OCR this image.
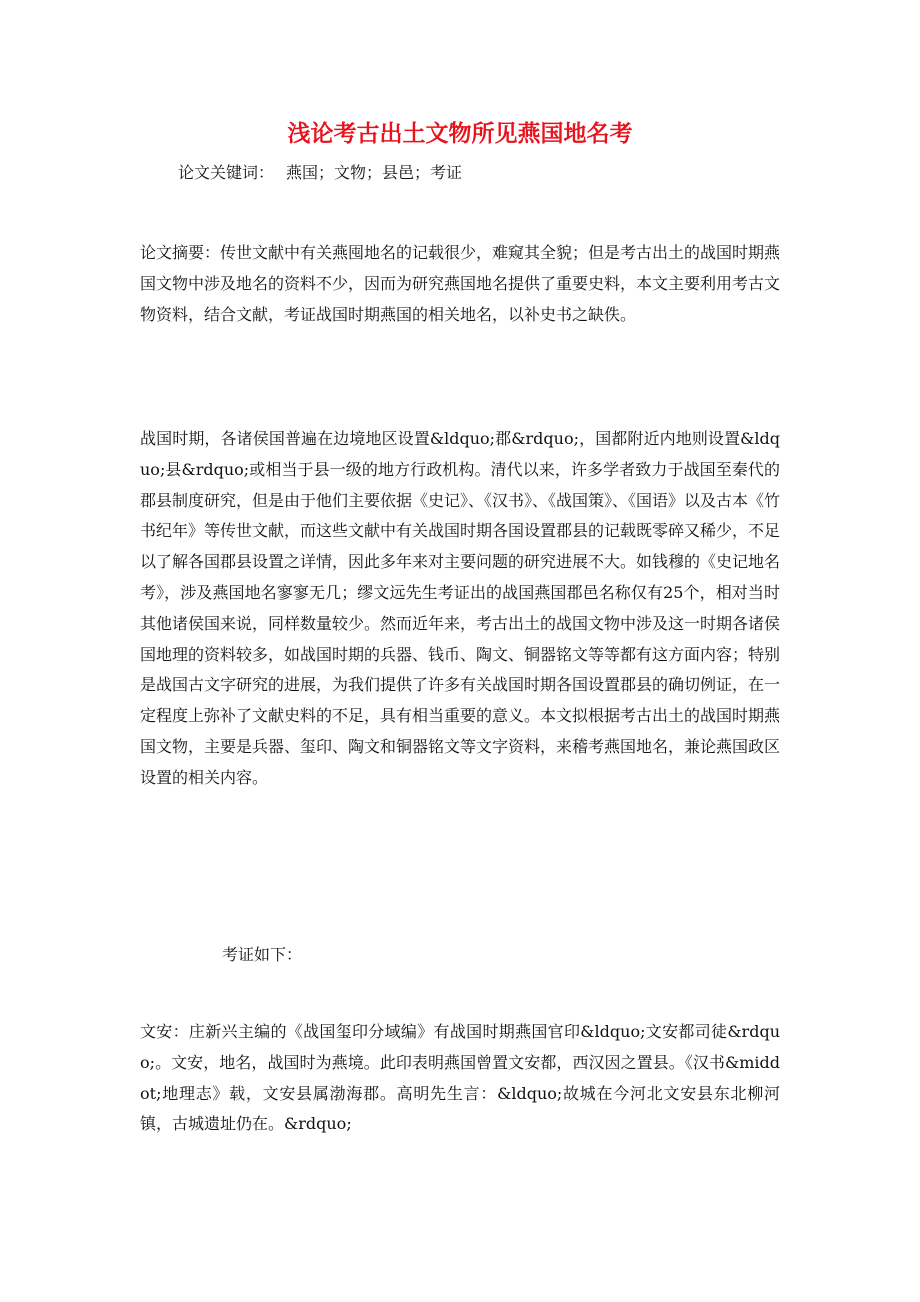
浅论考古出土文物所见燕国地名考
论文关键词： 燕国；文物；县邑；考证

论文摘要：传世文献中有关燕囤地名的记载很少，难窥其全貌；但是考古出土的战国时期燕国文物中涉及地名的资料不少，因而为研究燕国地名提供了重要史料，本文主要利用考古文物资料，结合文献，考证战国时期燕国的相关地名，以补史书之缺佚。

战国时期，各诸侯国普遍在边境地区设置&ldquo;郡&rdquo;，国都附近内地则设置&ldquo;县&rdquo;或相当于县一级的地方行政机构。清代以来，许多学者致力于战国至秦代的郡县制度研究，但是由于他们主要依据《史记》、《汉书》、《战国策》、《国语》以及古本《竹书纪年》等传世文献，而这些文献中有关战国时期各国设置郡县的记载既零碎又稀少，不足以了解各国郡县设置之详情，因此多年来对主要问题的研究进展不大。如钱穆的《史记地名考》，涉及燕国地名寥寥无几；缪文远先生考证出的战国燕国郡邑名称仅有25个，相对当时其他诸侯国来说，同样数量较少。然而近年来，考古出土的战国文物中涉及这一时期各诸侯国地理的资料较多，如战国时期的兵器、钱币、陶文、铜器铭文等等都有这方面内容；特别是战国古文字研究的进展，为我们提供了许多有关战国时期各国设置郡县的确切例证，在一定程度上弥补了文献史料的不足，具有相当重要的意义。本文拟根据考古出土的战国时期燕国文物，主要是兵器、玺印、陶文和铜器铭文等文字资料，来稽考燕国地名，兼论燕国政区设置的相关内容。

考证如下：

文安：庄新兴主编的《战国玺印分域编》有战国时期燕国官印&ldquo;文安都司徒&rdquo;。文安，地名，战国时为燕境。此印表明燕国曾置文安都，西汉因之置县。《汉书&middot;地理志》载，文安县属渤海郡。高明先生言：&ldquo;故城在今河北文安县东北柳河镇，古城遗址仍在。&rdquo;
